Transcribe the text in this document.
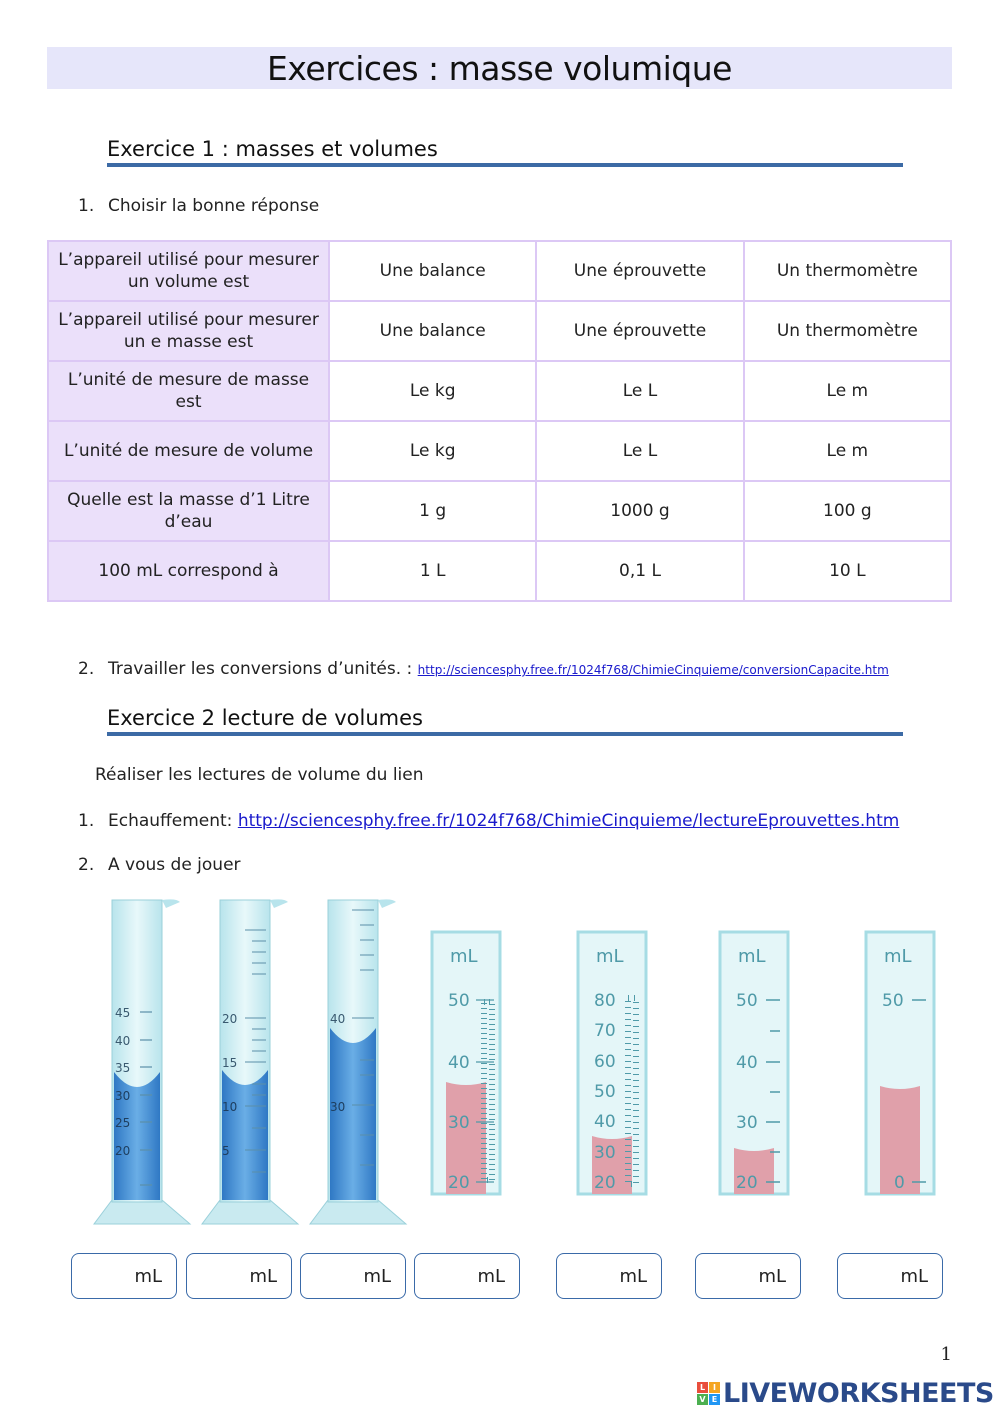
Exercices : masse volumique
Exercice 1 : masses et volumes
1. Choisir la bonne réponse
L’appareil utilisé pour mesurer un volume est	Une balance	Une éprouvette	Un thermomètre
L’appareil utilisé pour mesurer un e masse est	Une balance	Une éprouvette	Un thermomètre
L’unité de mesure de masse est	Le kg	Le L	Le m
L’unité de mesure de volume	Le kg	Le L	Le m
Quelle est la masse d’1 Litre d’eau	1 g	1000 g	100 g
100 mL correspond à	1 L	0,1 L	10 L
2. Travailler les conversions d’unités. : http://sciencesphy.free.fr/1024f768/ChimieCinquieme/conversionCapacite.htm
Exercice 2 lecture de volumes
Réaliser les lectures de volume du lien
1. Echauffement: http://sciencesphy.free.fr/1024f768/ChimieCinquieme/lectureEprouvettes.htm
2. A vous de jouer
45
40
35
30
25
20
20
15
10
5
40
30
mL
50
40
30
20
mL
80
70
60
50
40
30
20
mL
50
40
30
20
mL
50
0
mL	mL	mL	mL	mL	mL	mL
1
L I
V E LIVEWORKSHEETS
